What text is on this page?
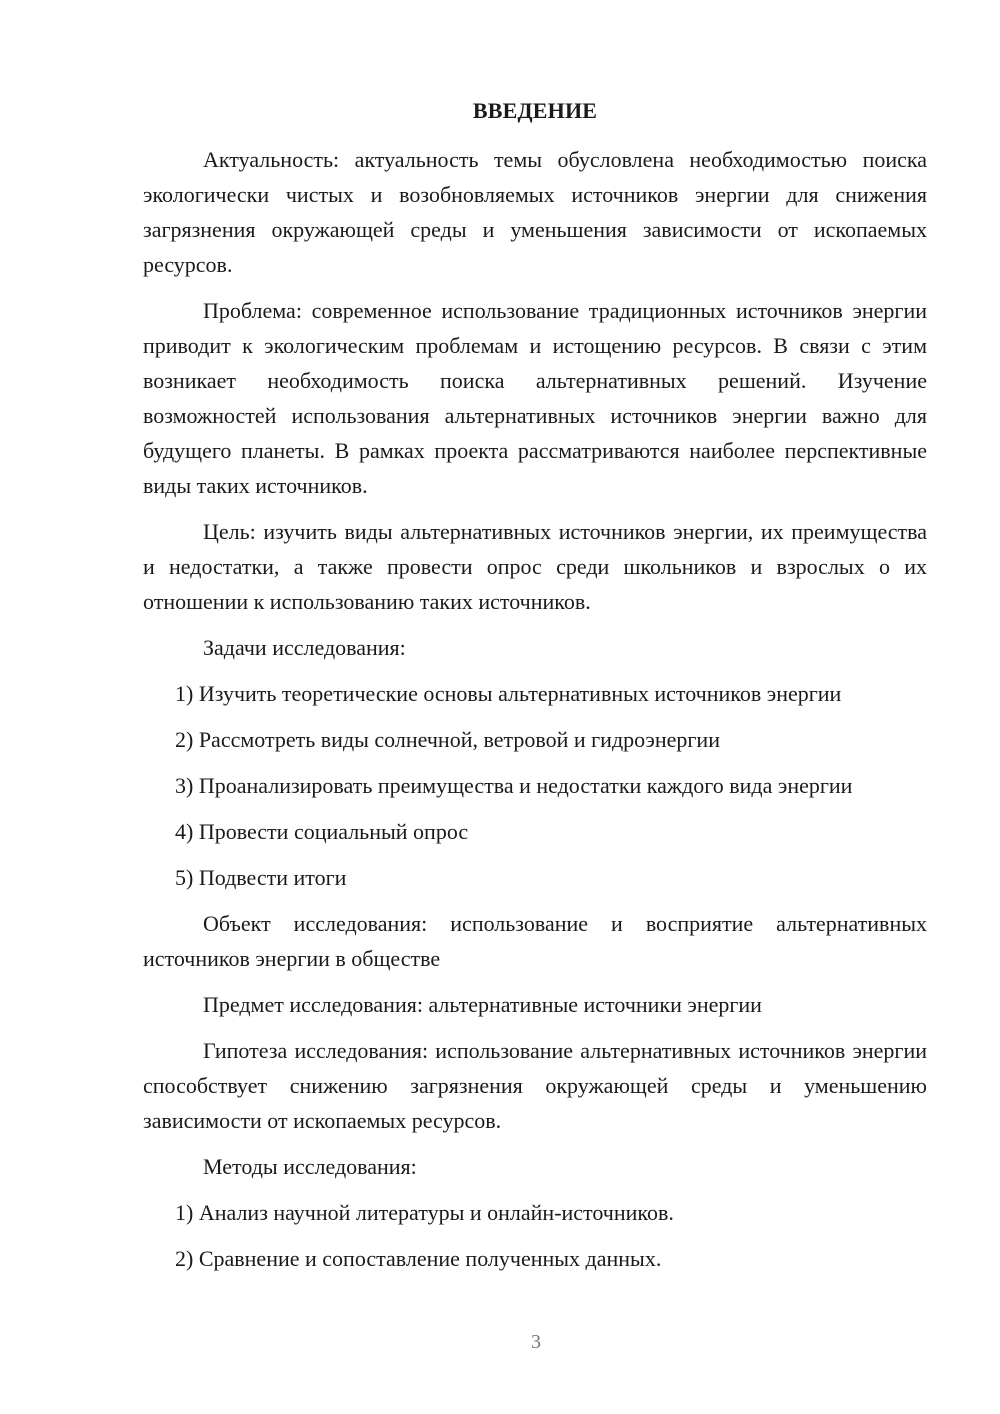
ВВЕДЕНИЕ

Актуальность: актуальность темы обусловлена необходимостью поиска экологически чистых и возобновляемых источников энергии для снижения загрязнения окружающей среды и уменьшения зависимости от ископаемых ресурсов.

Проблема: современное использование традиционных источников энергии приводит к экологическим проблемам и истощению ресурсов. В связи с этим возникает необходимость поиска альтернативных решений. Изучение возможностей использования альтернативных источников энергии важно для будущего планеты. В рамках проекта рассматриваются наиболее перспективные виды таких источников.

Цель: изучить виды альтернативных источников энергии, их преимущества и недостатки, а также провести опрос среди школьников и взрослых о их отношении к использованию таких источников.

Задачи исследования:

1) Изучить теоретические основы альтернативных источников энергии

2) Рассмотреть виды солнечной, ветровой и гидроэнергии

3) Проанализировать преимущества и недостатки каждого вида энергии

4) Провести социальный опрос

5) Подвести итоги

Объект исследования: использование и восприятие альтернативных источников энергии в обществе

Предмет исследования: альтернативные источники энергии

Гипотеза исследования: использование альтернативных источников энергии способствует снижению загрязнения окружающей среды и уменьшению зависимости от ископаемых ресурсов.

Методы исследования:

1) Анализ научной литературы и онлайн-источников.

2) Сравнение и сопоставление полученных данных.

3
